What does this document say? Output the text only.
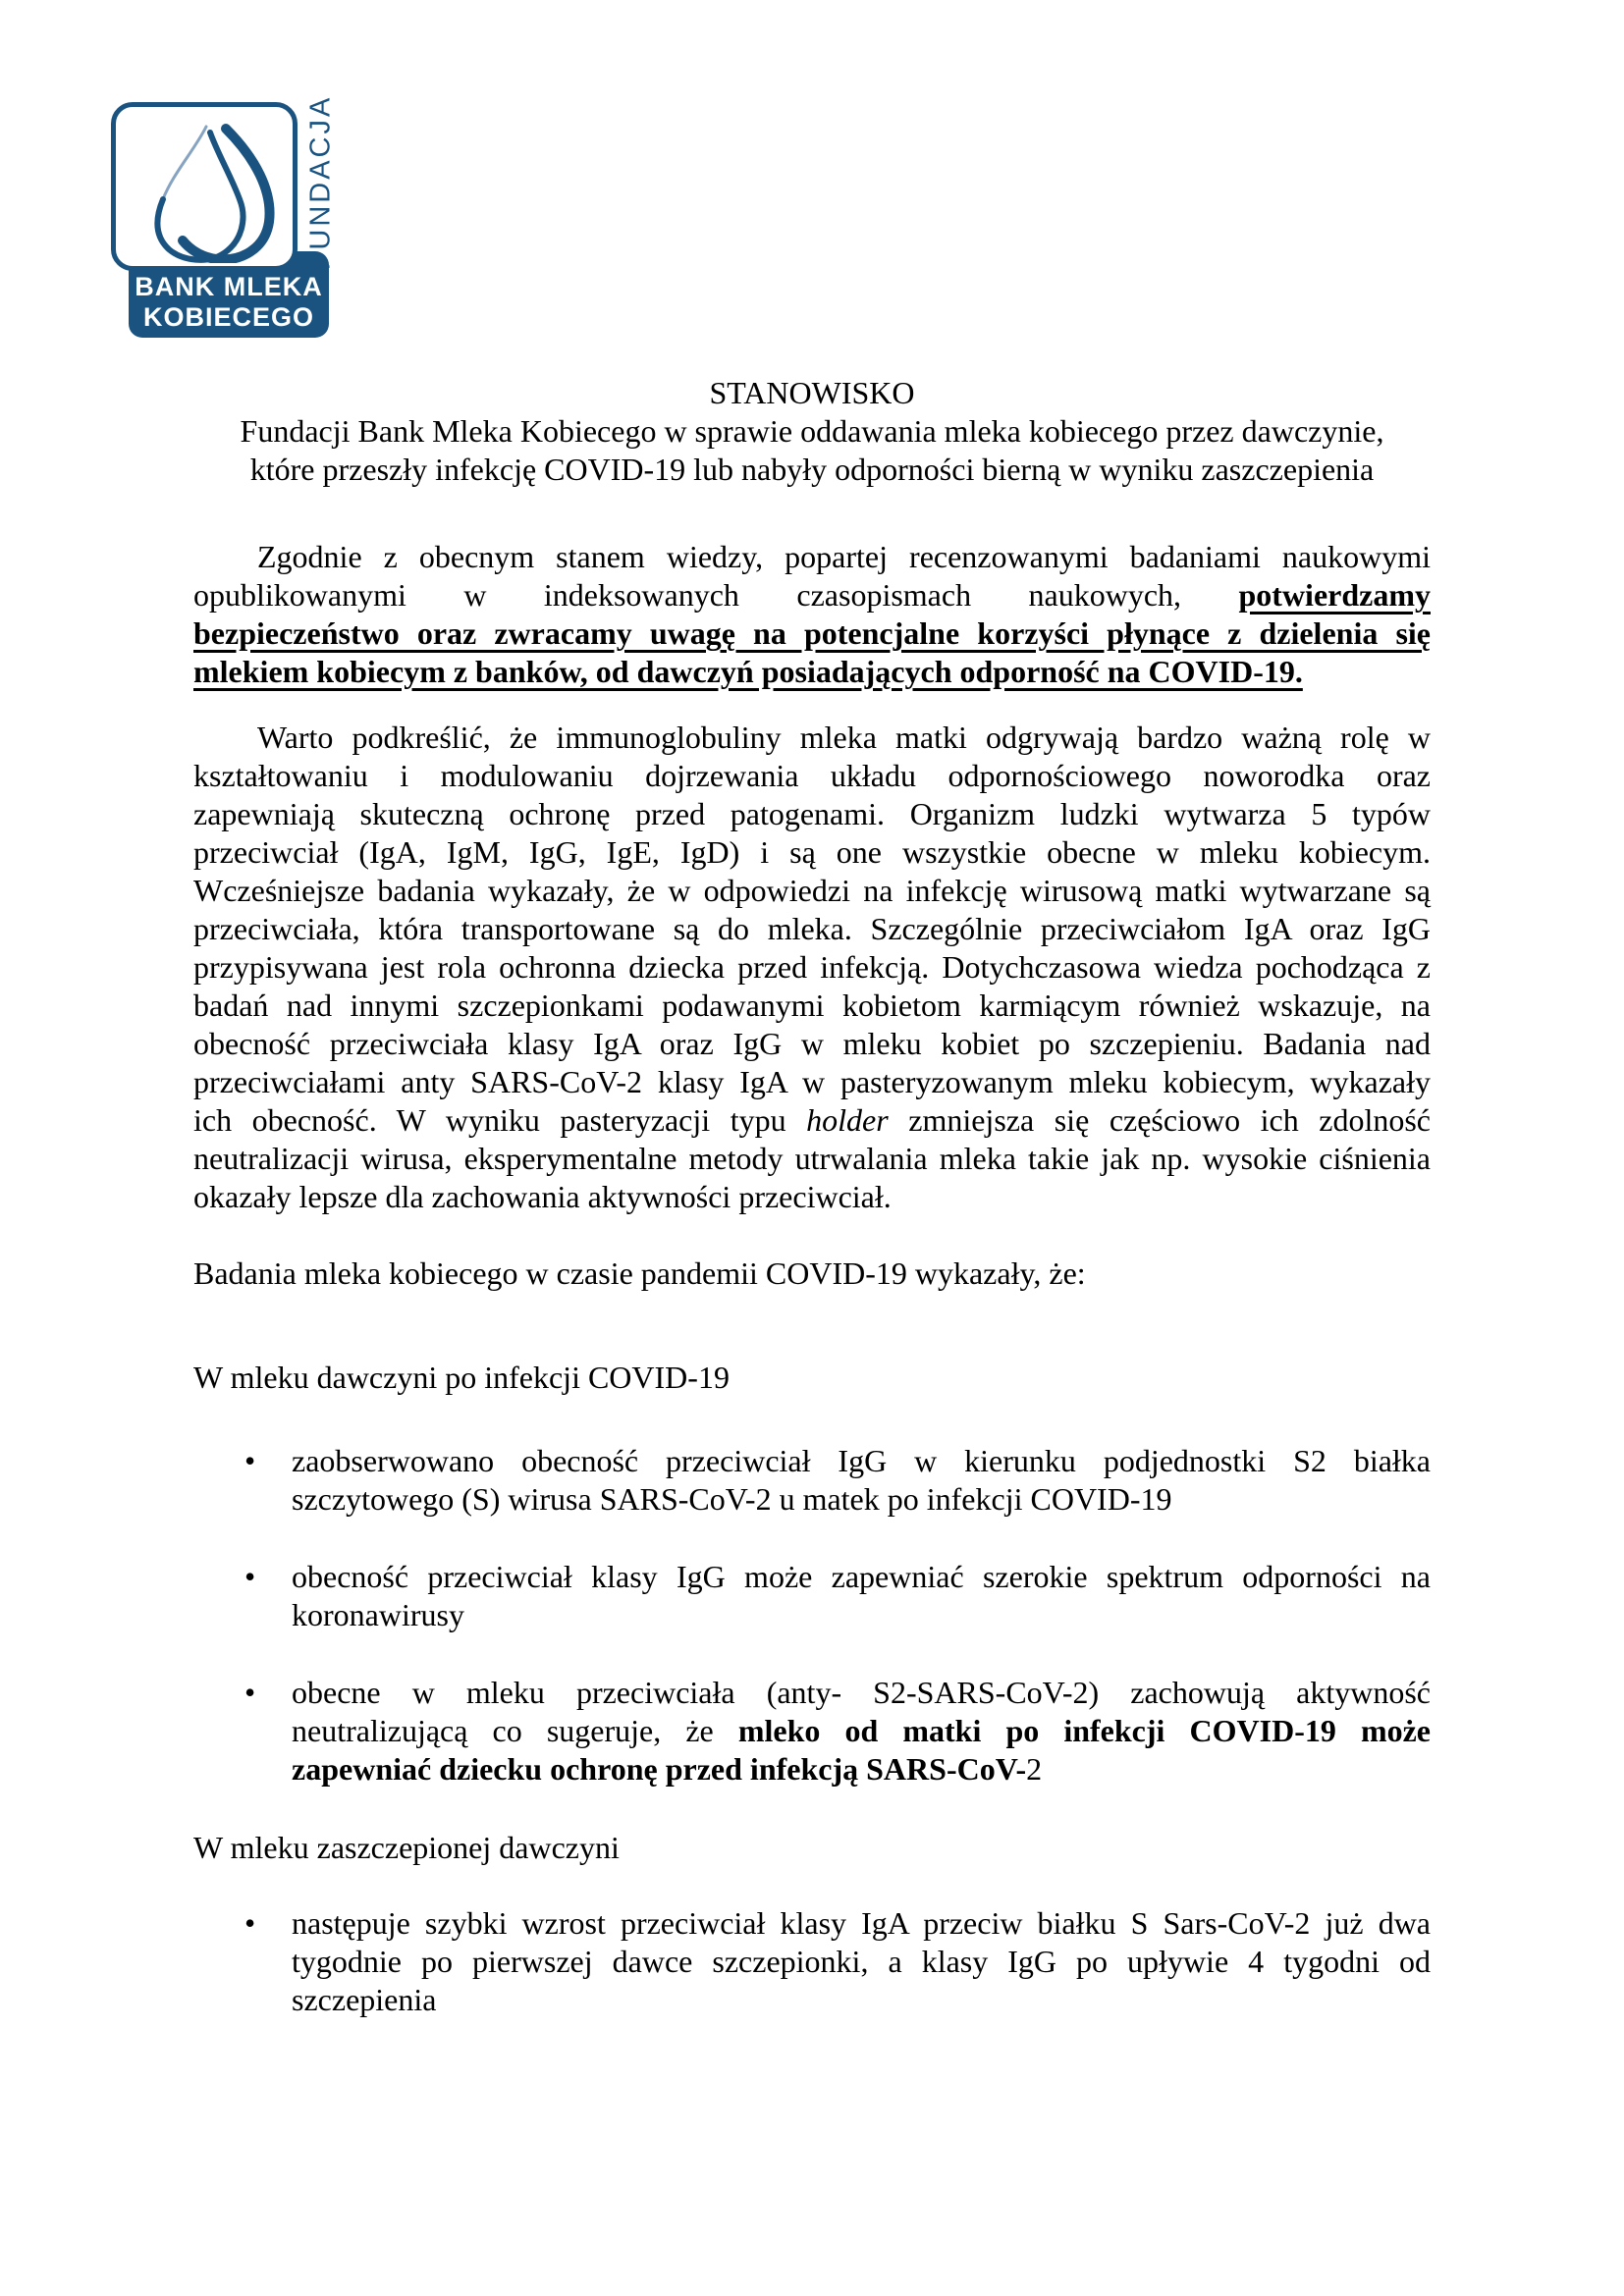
BANK MLEKA
KOBIECEGO
FUNDACJA
STANOWISKO
Fundacji Bank Mleka Kobiecego w sprawie oddawania mleka kobiecego przez dawczynie,
które przeszły infekcję COVID-19 lub nabyły odporności bierną w wyniku zaszczepienia
Zgodnie z obecnym stanem wiedzy, popartej recenzowanymi badaniami naukowymi
opublikowanymi w indeksowanych czasopismach naukowych, potwierdzamy
bezpieczeństwo oraz zwracamy uwagę na potencjalne korzyści płynące z dzielenia się
mlekiem kobiecym z banków, od dawczyń posiadających odporność na COVID-19.
Warto podkreślić, że immunoglobuliny mleka matki odgrywają bardzo ważną rolę w
kształtowaniu i modulowaniu dojrzewania układu odpornościowego noworodka oraz
zapewniają skuteczną ochronę przed patogenami. Organizm ludzki wytwarza 5 typów
przeciwciał (IgA, IgM, IgG, IgE, IgD) i są one wszystkie obecne w mleku kobiecym.
Wcześniejsze badania wykazały, że w odpowiedzi na infekcję wirusową matki wytwarzane są
przeciwciała, która transportowane są do mleka. Szczególnie przeciwciałom IgA oraz IgG
przypisywana jest rola ochronna dziecka przed infekcją. Dotychczasowa wiedza pochodząca z
badań nad innymi szczepionkami podawanymi kobietom karmiącym również wskazuje, na
obecność przeciwciała klasy IgA oraz IgG w mleku kobiet po szczepieniu. Badania nad
przeciwciałami anty SARS-CoV-2 klasy IgA w pasteryzowanym mleku kobiecym, wykazały
ich obecność. W wyniku pasteryzacji typu holder zmniejsza się częściowo ich zdolność
neutralizacji wirusa, eksperymentalne metody utrwalania mleka takie jak np. wysokie ciśnienia
okazały lepsze dla zachowania aktywności przeciwciał.
Badania mleka kobiecego w czasie pandemii COVID-19 wykazały, że:
W mleku dawczyni po infekcji COVID-19
• zaobserwowano obecność przeciwciał IgG w kierunku podjednostki S2 białka
szczytowego (S) wirusa SARS-CoV-2 u matek po infekcji COVID-19
• obecność przeciwciał klasy IgG może zapewniać szerokie spektrum odporności na
koronawirusy
• obecne w mleku przeciwciała (anty- S2-SARS-CoV-2) zachowują aktywność
neutralizującą co sugeruje, że mleko od matki po infekcji COVID-19 może
zapewniać dziecku ochronę przed infekcją SARS-CoV-2
W mleku zaszczepionej dawczyni
• następuje szybki wzrost przeciwciał klasy IgA przeciw białku S Sars-CoV-2 już dwa
tygodnie po pierwszej dawce szczepionki, a klasy IgG po upływie 4 tygodni od
szczepienia
